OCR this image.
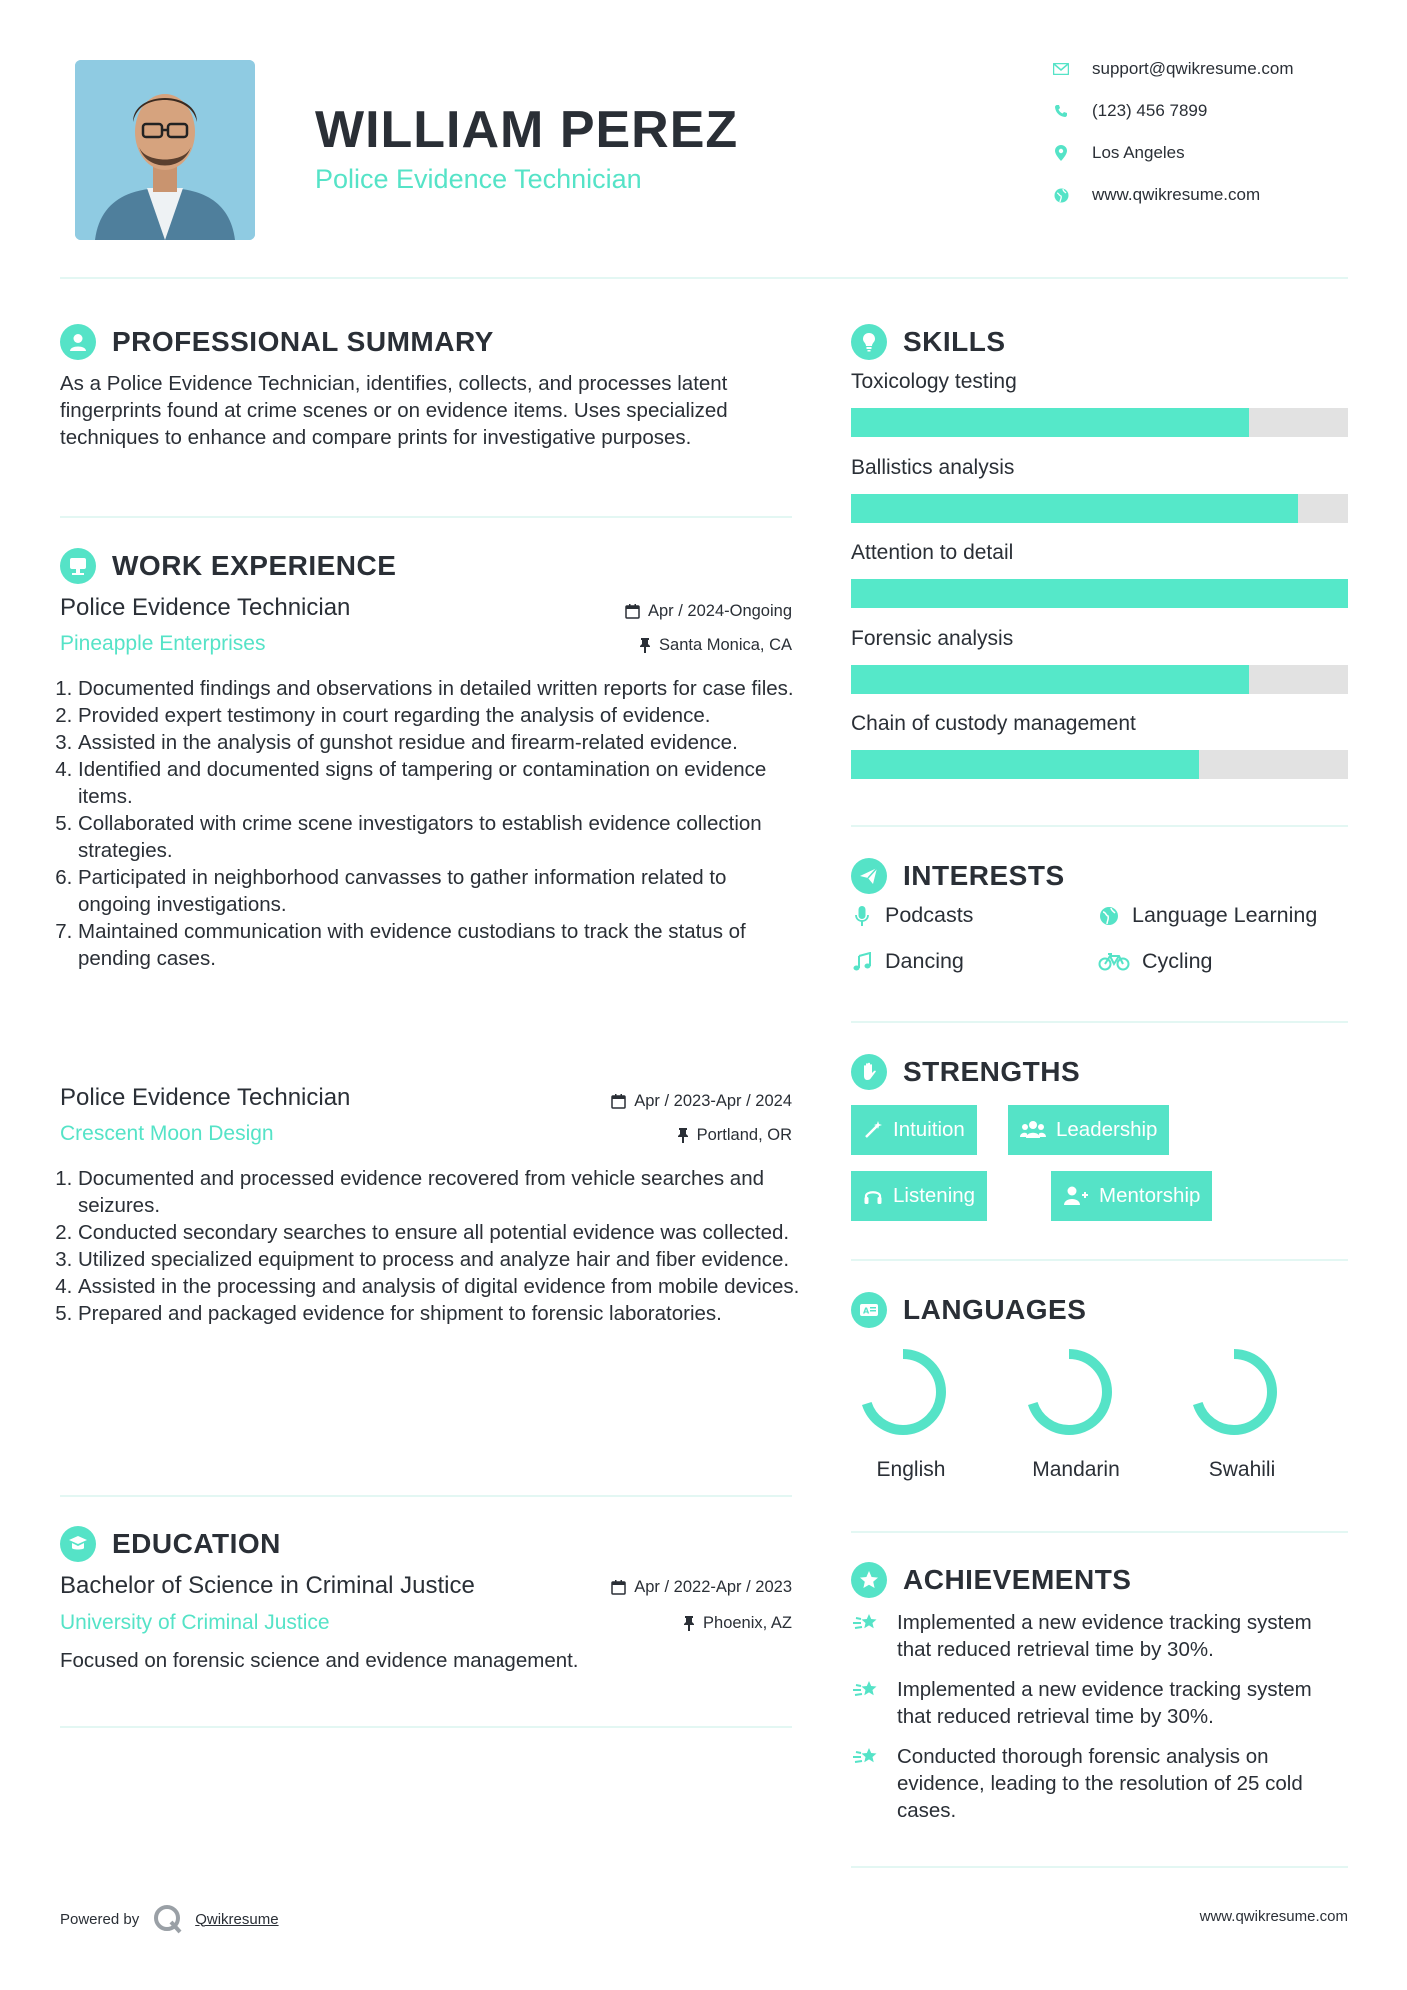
WILLIAM PEREZ
Police Evidence Technician
support@qwikresume.com
(123) 456 7899
Los Angeles
www.qwikresume.com
PROFESSIONAL SUMMARY
As a Police Evidence Technician, identifies, collects, and processes latent fingerprints found at crime scenes or on evidence items. Uses specialized techniques to enhance and compare prints for investigative purposes.
WORK EXPERIENCE
Police Evidence Technician	Apr / 2024-Ongoing
Pineapple Enterprises	Santa Monica, CA
1. Documented findings and observations in detailed written reports for case files.
2. Provided expert testimony in court regarding the analysis of evidence.
3. Assisted in the analysis of gunshot residue and firearm-related evidence.
4. Identified and documented signs of tampering or contamination on evidence items.
5. Collaborated with crime scene investigators to establish evidence collection strategies.
6. Participated in neighborhood canvasses to gather information related to ongoing investigations.
7. Maintained communication with evidence custodians to track the status of pending cases.
Police Evidence Technician	Apr / 2023-Apr / 2024
Crescent Moon Design	Portland, OR
1. Documented and processed evidence recovered from vehicle searches and seizures.
2. Conducted secondary searches to ensure all potential evidence was collected.
3. Utilized specialized equipment to process and analyze hair and fiber evidence.
4. Assisted in the processing and analysis of digital evidence from mobile devices.
5. Prepared and packaged evidence for shipment to forensic laboratories.
EDUCATION
Bachelor of Science in Criminal Justice	Apr / 2022-Apr / 2023
University of Criminal Justice	Phoenix, AZ
Focused on forensic science and evidence management.
SKILLS
Toxicology testing
Ballistics analysis
Attention to detail
Forensic analysis
Chain of custody management
INTERESTS
Podcasts	Language Learning
Dancing	Cycling
STRENGTHS
Intuition	Leadership
Listening	Mentorship
A LANGUAGES
English	Mandarin	Swahili
ACHIEVEMENTS
Implemented a new evidence tracking system that reduced retrieval time by 30%.
Implemented a new evidence tracking system that reduced retrieval time by 30%.
Conducted thorough forensic analysis on evidence, leading to the resolution of 25 cold cases.
Powered by	Qwikresume	www.qwikresume.com
